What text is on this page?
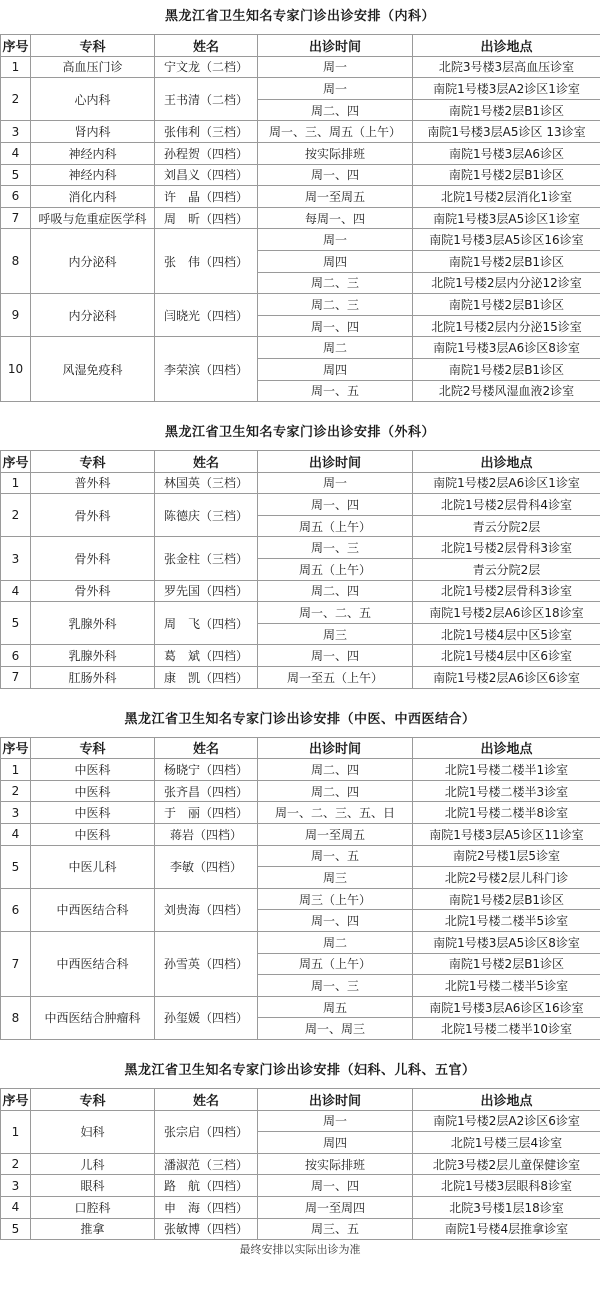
黑龙江省卫生知名专家门诊出诊安排（内科）
序号	专科	姓名	出诊时间	出诊地点
1	高血压门诊	宁文龙（二档）	周一	北院3号楼3层高血压诊室
2	心内科	王书清（二档）	周一	南院1号楼3层A2诊区1诊室
			周二、四	南院1号楼2层B1诊区
3	肾内科	张伟利（三档）	周一、三、周五（上午）	南院1号楼3层A5诊区 13诊室
4	神经内科	孙程贺（四档）	按实际排班	南院1号楼3层A6诊区
5	神经内科	刘昌义（四档）	周一、四	南院1号楼2层B1诊区
6	消化内科	许　晶（四档）	周一至周五	北院1号楼2层消化1诊室
7	呼吸与危重症医学科	周　昕（四档）	每周一、四	南院1号楼3层A5诊区1诊室
8	内分泌科	张　伟（四档）	周一	南院1号楼3层A5诊区16诊室
			周四	南院1号楼2层B1诊区
			周二、三	北院1号楼2层内分泌12诊室
9	内分泌科	闫晓光（四档）	周二、三	南院1号楼2层B1诊区
			周一、四	北院1号楼2层内分泌15诊室
10	风湿免疫科	李荣滨（四档）	周二	南院1号楼3层A6诊区8诊室
			周四	南院1号楼2层B1诊区
			周一、五	北院2号楼风湿血液2诊室
黑龙江省卫生知名专家门诊出诊安排（外科）
序号	专科	姓名	出诊时间	出诊地点
1	普外科	林国英（三档）	周一	南院1号楼2层A6诊区1诊室
2	骨外科	陈德庆（三档）	周一、四	北院1号楼2层骨科4诊室
			周五（上午）	青云分院2层
3	骨外科	张金柱（三档）	周一、三	北院1号楼2层骨科3诊室
			周五（上午）	青云分院2层
4	骨外科	罗先国（四档）	周二、四	北院1号楼2层骨科3诊室
5	乳腺外科	周　飞（四档）	周一、二、五	南院1号楼2层A6诊区18诊室
			周三	北院1号楼4层中区5诊室
6	乳腺外科	葛　斌（四档）	周一、四	北院1号楼4层中区6诊室
7	肛肠外科	康　凯（四档）	周一至五（上午）	南院1号楼2层A6诊区6诊室
黑龙江省卫生知名专家门诊出诊安排（中医、中西医结合）
序号	专科	姓名	出诊时间	出诊地点
1	中医科	杨晓宁（四档）	周二、四	北院1号楼二楼半1诊室
2	中医科	张齐昌（四档）	周二、四	北院1号楼二楼半3诊室
3	中医科	于　丽（四档）	周一、二、三、五、日	北院1号楼二楼半8诊室
4	中医科	蒋岩（四档）	周一至周五	南院1号楼3层A5诊区11诊室
5	中医儿科	李敏（四档）	周一、五	南院2号楼1层5诊室
			周三	北院2号楼2层儿科门诊
6	中西医结合科	刘贵海（四档）	周三（上午）	南院1号楼2层B1诊区
			周一、四	北院1号楼二楼半5诊室
7	中西医结合科	孙雪英（四档）	周二	南院1号楼3层A5诊区8诊室
			周五（上午）	南院1号楼2层B1诊区
			周一、三	北院1号楼二楼半5诊室
8	中西医结合肿瘤科	孙玺媛（四档）	周五	南院1号楼3层A6诊区16诊室
			周一、周三	北院1号楼二楼半10诊室
黑龙江省卫生知名专家门诊出诊安排（妇科、儿科、五官）
序号	专科	姓名	出诊时间	出诊地点
1	妇科	张宗启（四档）	周一	南院1号楼2层A2诊区6诊室
			周四	北院1号楼三层4诊室
2	儿科	潘淑范（三档）	按实际排班	北院3号楼2层儿童保健诊室
3	眼科	路　航（四档）	周一、四	北院1号楼3层眼科8诊室
4	口腔科	申　海（四档）	周一至周四	北院3号楼1层18诊室
5	推拿	张敏博（四档）	周三、五	南院1号楼4层推拿诊室
最终安排以实际出诊为准
